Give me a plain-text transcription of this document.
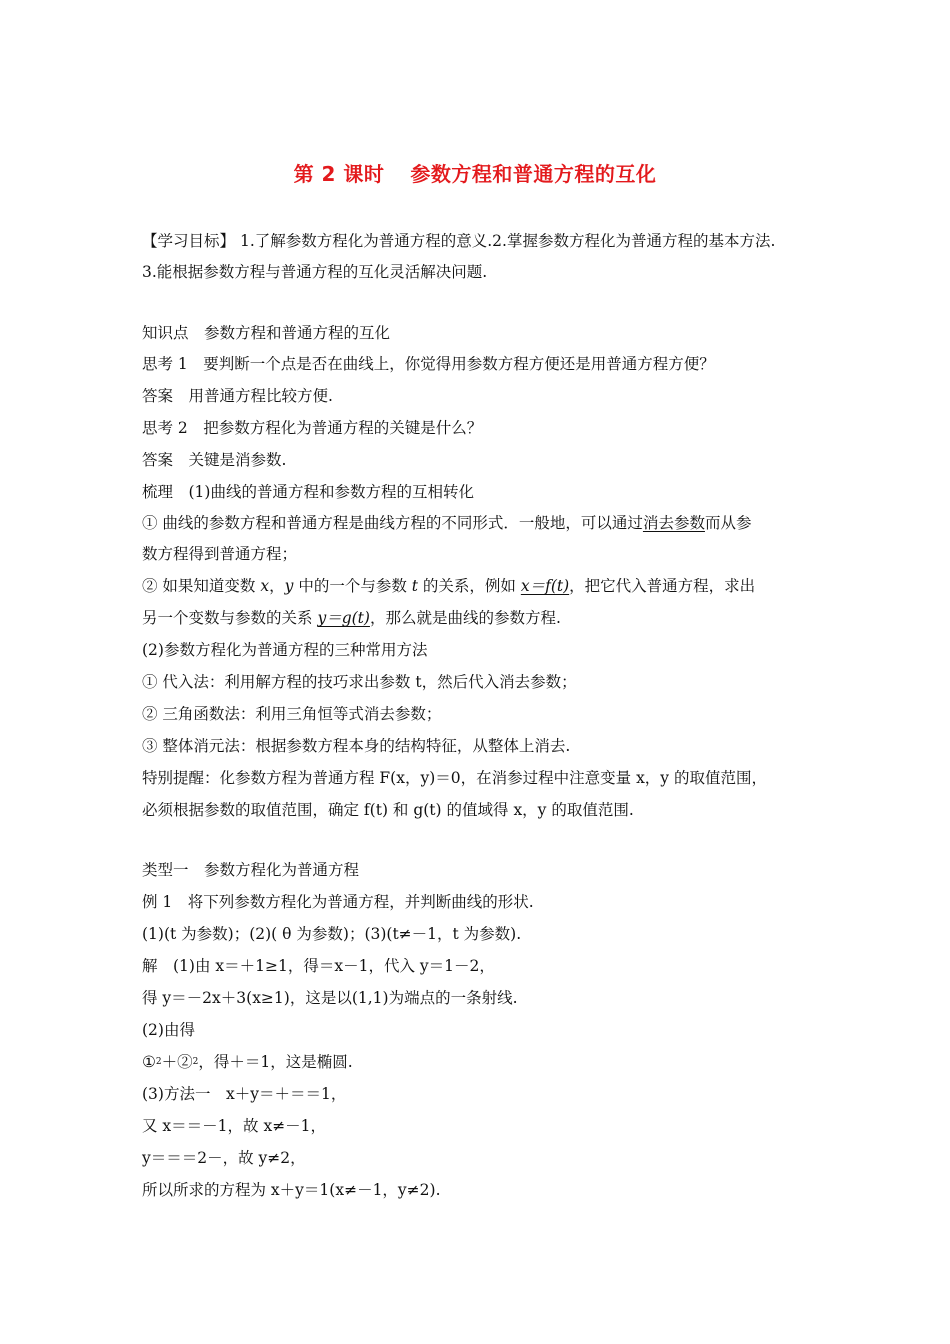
第 2 课时 参数方程和普通方程的互化
【学习目标】 1.了解参数方程化为普通方程的意义.2.掌握参数方程化为普通方程的基本方法.
3.能根据参数方程与普通方程的互化灵活解决问题.
知识点　参数方程和普通方程的互化
思考 1　要判断一个点是否在曲线上，你觉得用参数方程方便还是用普通方程方便？
答案　用普通方程比较方便.
思考 2　把参数方程化为普通方程的关键是什么？
答案　关键是消参数.
梳理　(1)曲线的普通方程和参数方程的互相转化
① 曲线的参数方程和普通方程是曲线方程的不同形式．一般地，可以通过消去参数而从参
数方程得到普通方程；
② 如果知道变数 x，y 中的一个与参数 t 的关系，例如 x＝f(t)，把它代入普通方程，求出
另一个变数与参数的关系 y＝g(t)，那么就是曲线的参数方程.
(2)参数方程化为普通方程的三种常用方法
① 代入法：利用解方程的技巧求出参数 t，然后代入消去参数；
② 三角函数法：利用三角恒等式消去参数；
③ 整体消元法：根据参数方程本身的结构特征，从整体上消去.
特别提醒：化参数方程为普通方程 F(x，y)＝0，在消参过程中注意变量 x，y 的取值范围，
必须根据参数的取值范围，确定 f(t) 和 g(t) 的值域得 x，y 的取值范围.
类型一　参数方程化为普通方程
例 1　将下列参数方程化为普通方程，并判断曲线的形状.
(1)(t 为参数)；(2)( θ 为参数)；(3)(t≠－1，t 为参数).
解　(1)由 x＝＋1≥1，得＝x－1，代入 y＝1－2，
得 y＝－2x＋3(x≥1)，这是以(1,1)为端点的一条射线.
(2)由得
①$^2$＋②$^2$，得＋＝1，这是椭圆.
(3)方法一　x＋y＝＋＝＝1，
又 x＝＝－1，故 x≠－1，
y＝＝＝2－，故 y≠2，
所以所求的方程为 x＋y＝1(x≠－1，y≠2).
